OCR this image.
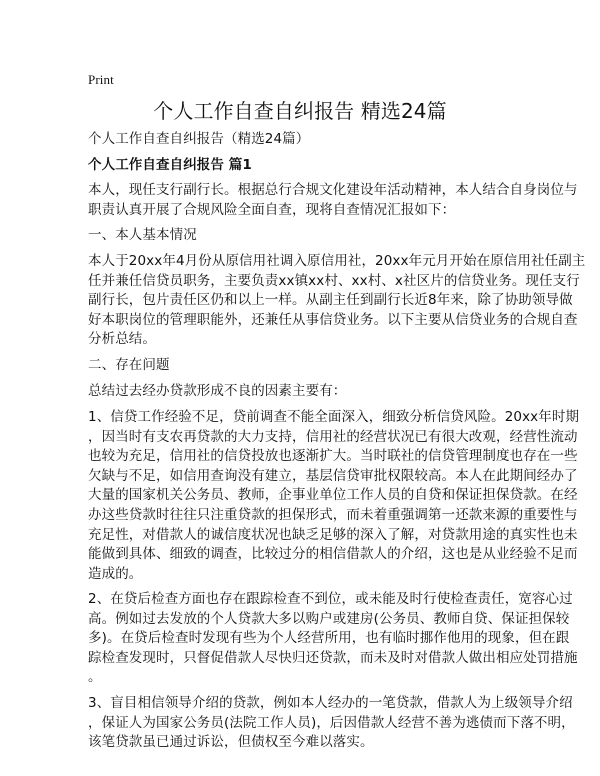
Print
个人工作自查自纠报告 精选24篇
个人工作自查自纠报告（精选24篇）
个人工作自查自纠报告 篇1
本人，现任支行副行长。根据总行合规文化建设年活动精神，本人结合自身岗位与
职责认真开展了合规风险全面自查，现将自查情况汇报如下：
一、本人基本情况
本人于20xx年4月份从原信用社调入原信用社，20xx年元月开始在原信用社任副主
任并兼任信贷员职务，主要负责xx镇xx村、xx村、x社区片的信贷业务。现任支行
副行长，包片责任区仍和以上一样。从副主任到副行长近8年来，除了协助领导做
好本职岗位的管理职能外，还兼任从事信贷业务。以下主要从信贷业务的合规自查
分析总结。
二、存在问题
总结过去经办贷款形成不良的因素主要有：
1、信贷工作经验不足，贷前调查不能全面深入，细致分析信贷风险。20xx年时期
，因当时有支农再贷款的大力支持，信用社的经营状况已有很大改观，经营性流动
也较为充足，信用社的信贷投放也逐渐扩大。当时联社的信贷管理制度也存在一些
欠缺与不足，如信用查询没有建立，基层信贷审批权限较高。本人在此期间经办了
大量的国家机关公务员、教师，企事业单位工作人员的自贷和保证担保贷款。在经
办这些贷款时往往只注重贷款的担保形式，而未着重强调第一还款来源的重要性与
充足性，对借款人的诚信度状况也缺乏足够的深入了解，对贷款用途的真实性也未
能做到具体、细致的调查，比较过分的相信借款人的介绍，这也是从业经验不足而
造成的。
2、在贷后检查方面也存在跟踪检查不到位，或未能及时行使检查责任，宽容心过
高。例如过去发放的个人贷款大多以购户或建房(公务员、教师自贷、保证担保较
多)。在贷后检查时发现有些为个人经营所用，也有临时挪作他用的现象，但在跟
踪检查发现时，只督促借款人尽快归还贷款，而未及时对借款人做出相应处罚措施
。
3、盲目相信领导介绍的贷款，例如本人经办的一笔贷款，借款人为上级领导介绍
，保证人为国家公务员(法院工作人员)，后因借款人经营不善为逃债而下落不明，
该笔贷款虽已通过诉讼，但债权至今难以落实。
